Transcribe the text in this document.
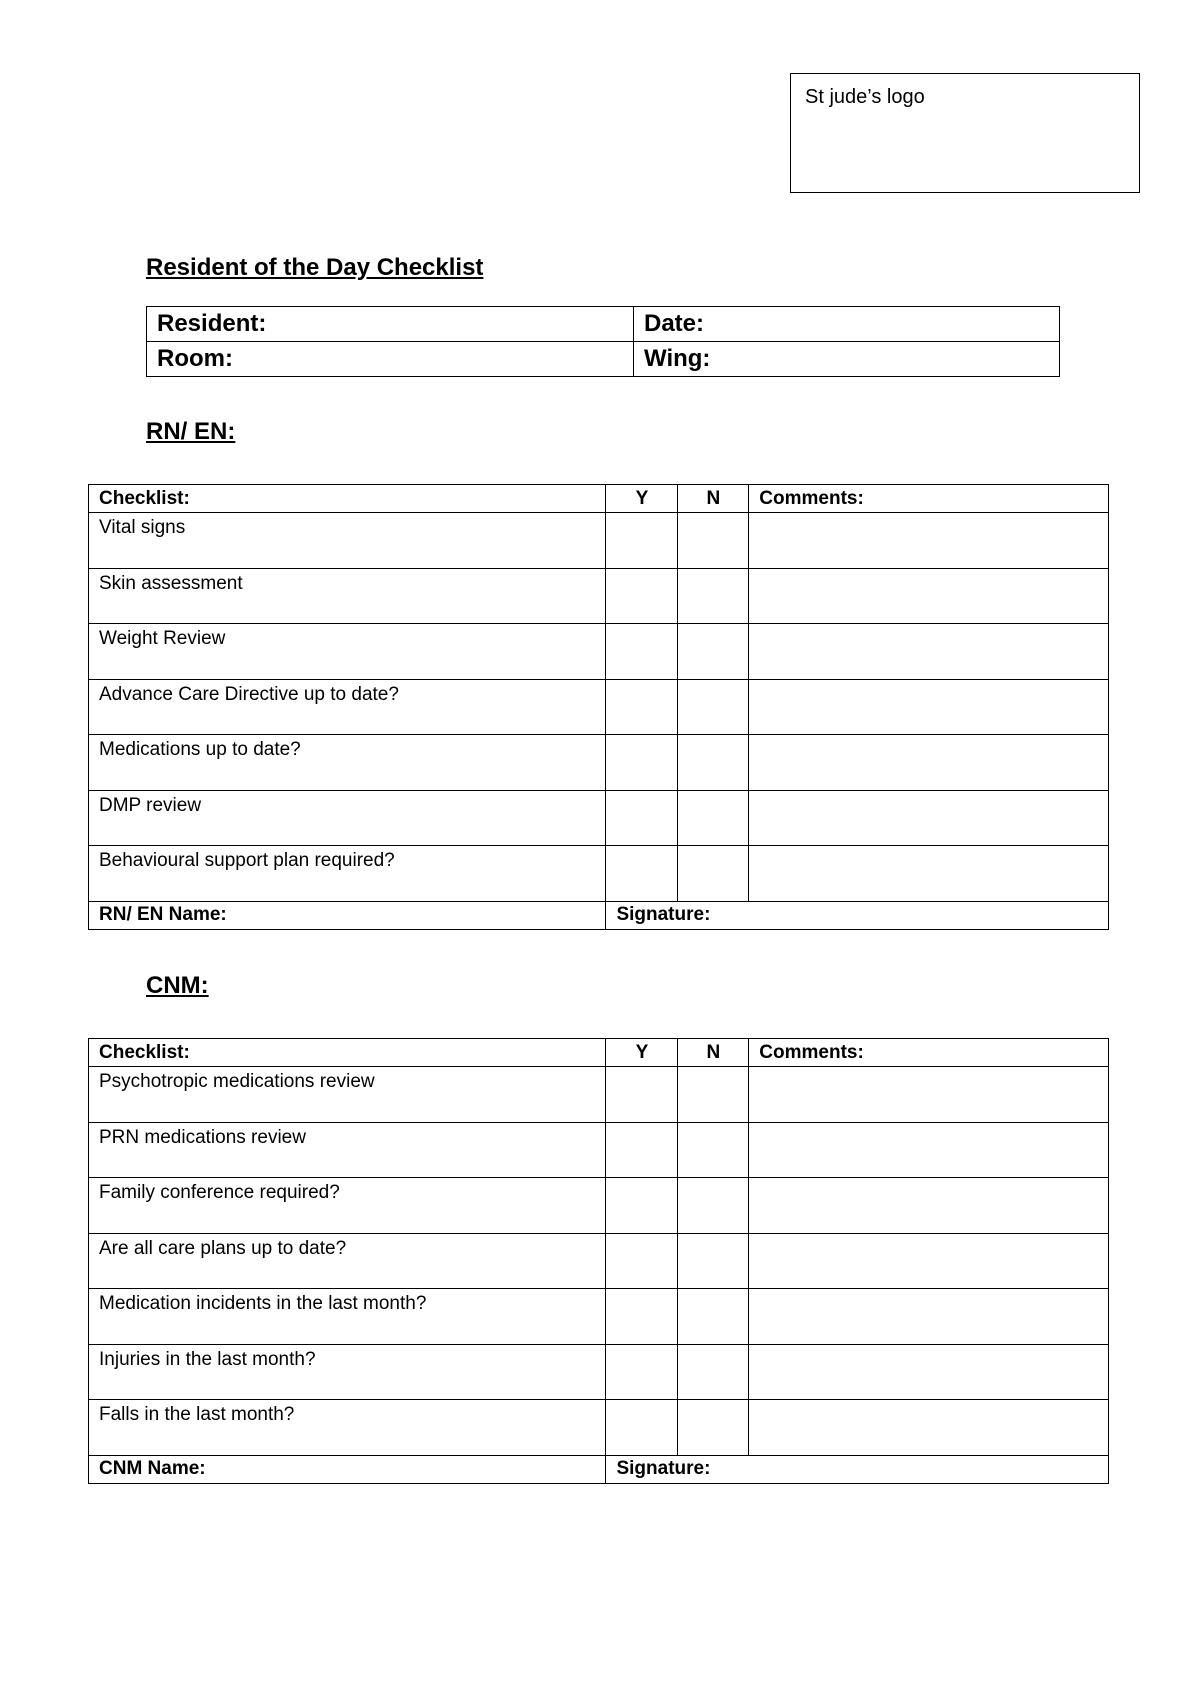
St jude’s logo
Resident of the Day Checklist
Resident:	Date:
Room:	Wing:
RN/ EN:
Checklist:	Y	N	Comments:
Vital signs			
Skin assessment			
Weight Review			
Advance Care Directive up to date?			
Medications up to date?			
DMP review			
Behavioural support plan required?			
RN/ EN Name:	Signature:		
CNM:
Checklist:	Y	N	Comments:
Psychotropic medications review			
PRN medications review			
Family conference required?			
Are all care plans up to date?			
Medication incidents in the last month?			
Injuries in the last month?			
Falls in the last month?			
CNM Name:	Signature:		
